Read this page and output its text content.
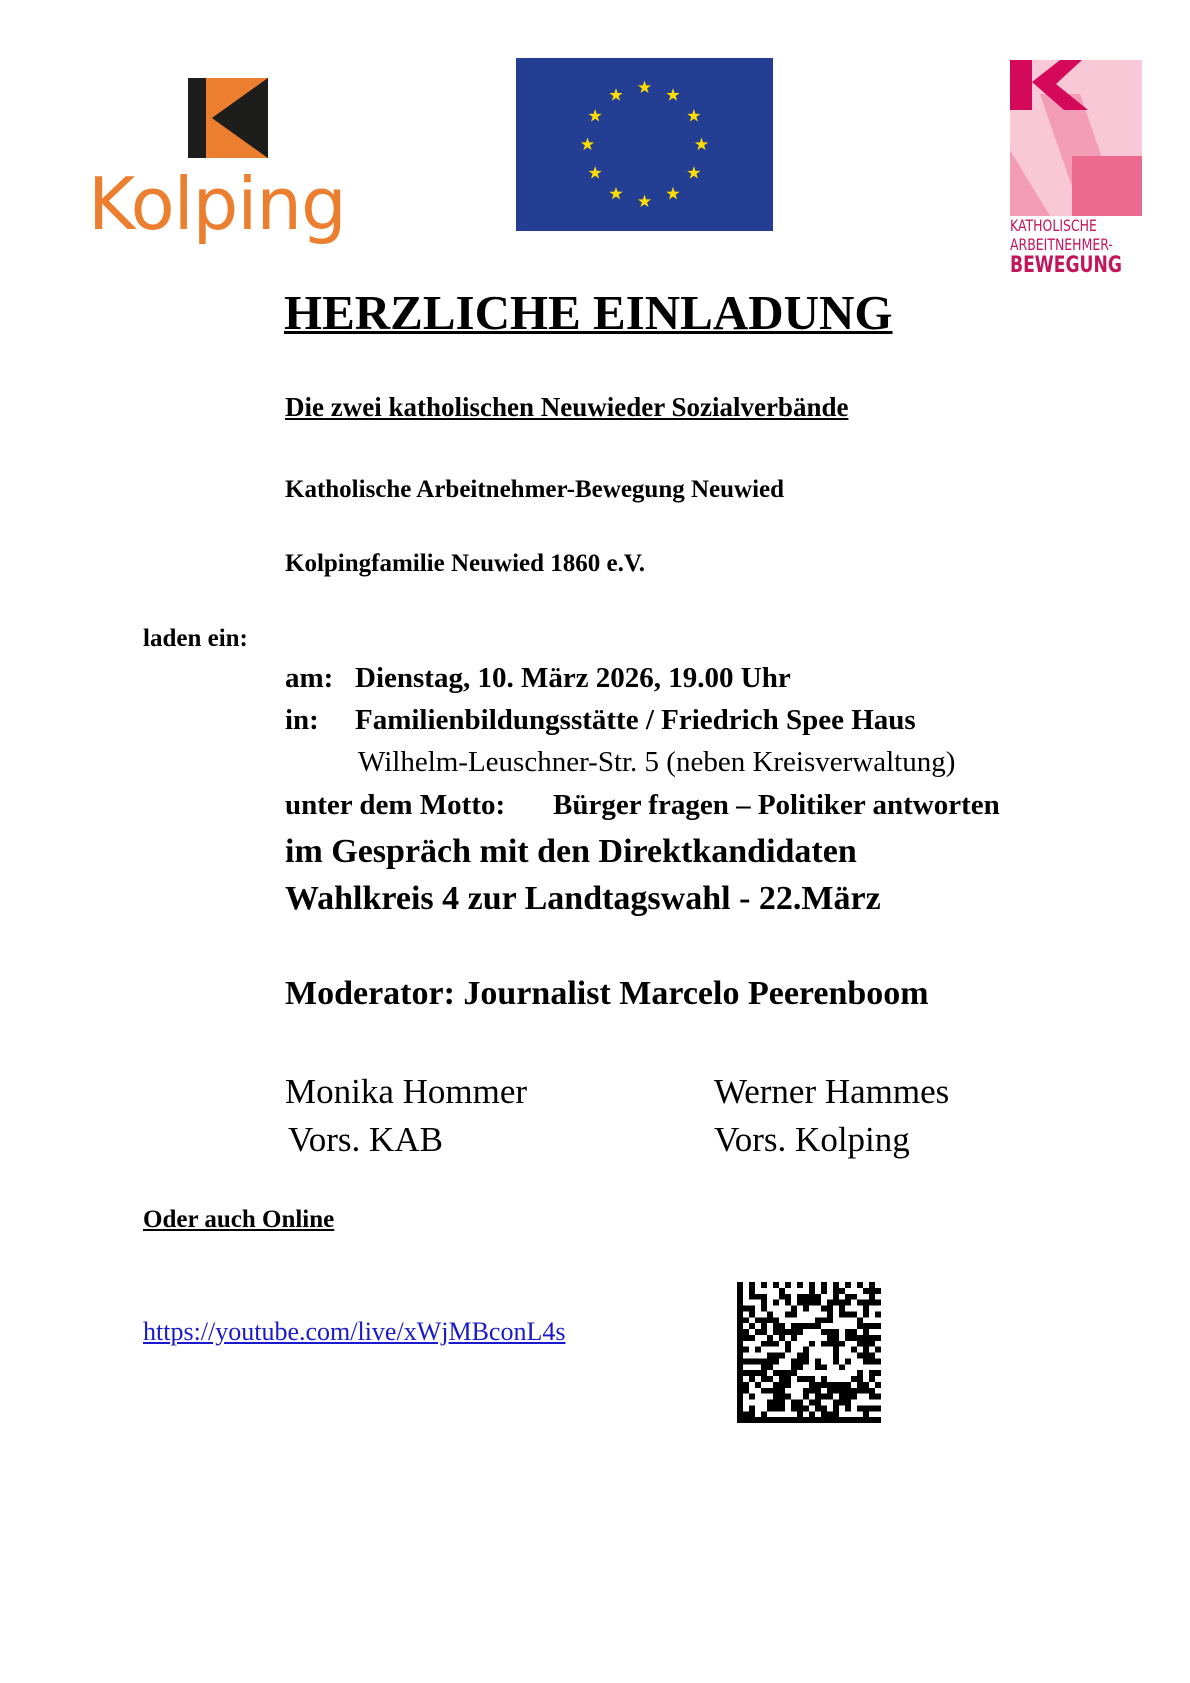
Kolping	KATHOLISCHE
ARBEITNEHMER-
BEWEGUNG
HERZLICHE EINLADUNG
Die zwei katholischen Neuwieder Sozialverbände
Katholische Arbeitnehmer-Bewegung Neuwied
Kolpingfamilie Neuwied 1860 e.V.
laden ein:
am: Dienstag, 10. März 2026, 19.00 Uhr
in: Familienbildungsstätte / Friedrich Spee Haus
Wilhelm-Leuschner-Str. 5 (neben Kreisverwaltung)
unter dem Motto: Bürger fragen – Politiker antworten
im Gespräch mit den Direktkandidaten
Wahlkreis 4 zur Landtagswahl - 22.März
Moderator: Journalist Marcelo Peerenboom
Monika Hommer
Vors. KAB
Werner Hammes
Vors. Kolping
Oder auch Online
https://youtube.com/live/xWjMBconL4s
